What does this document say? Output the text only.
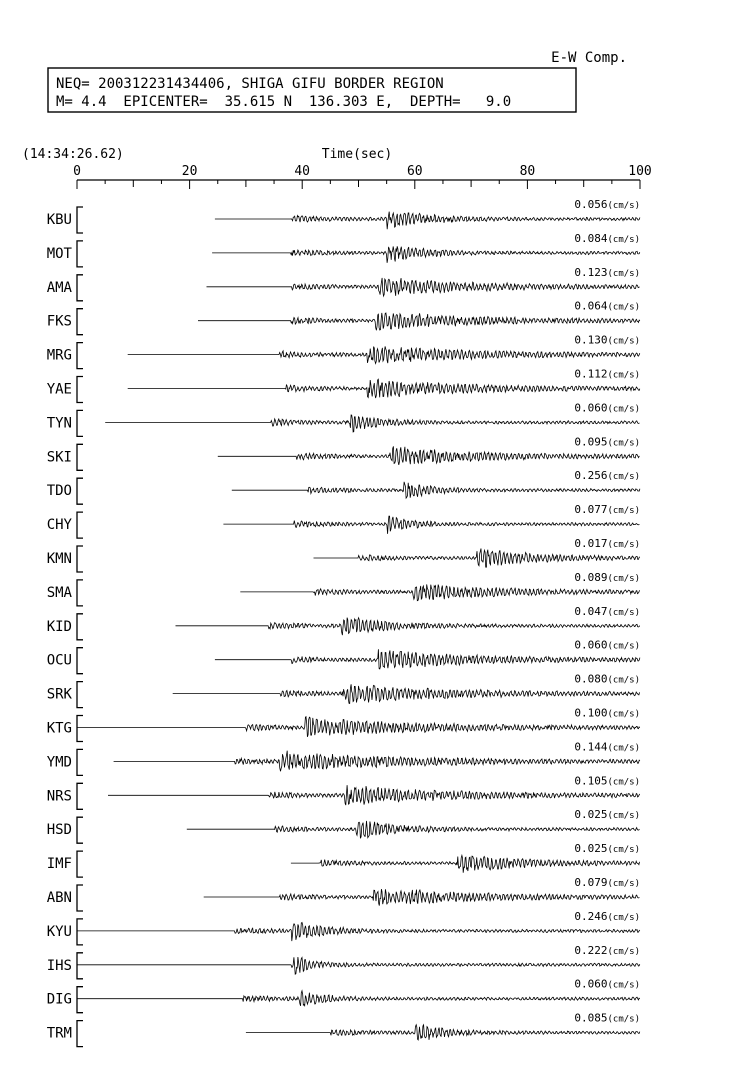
E-W Comp.
NEQ= 200312231434406, SHIGA GIFU BORDER REGION
M= 4.4  EPICENTER=  35.615 N  136.303 E,  DEPTH=   9.0
(14:34:26.62)	Time(sec)
0	20	40	60	80	100
KBU
0.056(cm/s)
MOT
0.084(cm/s)
AMA
0.123(cm/s)
FKS
0.064(cm/s)
MRG
0.130(cm/s)
YAE
0.112(cm/s)
TYN
0.060(cm/s)
SKI
0.095(cm/s)
TDO
0.256(cm/s)
CHY
0.077(cm/s)
KMN
0.017(cm/s)
SMA
0.089(cm/s)
KID
0.047(cm/s)
OCU
0.060(cm/s)
SRK
0.080(cm/s)
KTG
0.100(cm/s)
YMD
0.144(cm/s)
NRS
0.105(cm/s)
HSD
0.025(cm/s)
IMF
0.025(cm/s)
ABN
0.079(cm/s)
KYU
0.246(cm/s)
IHS
0.222(cm/s)
DIG
0.060(cm/s)
TRM
0.085(cm/s)
